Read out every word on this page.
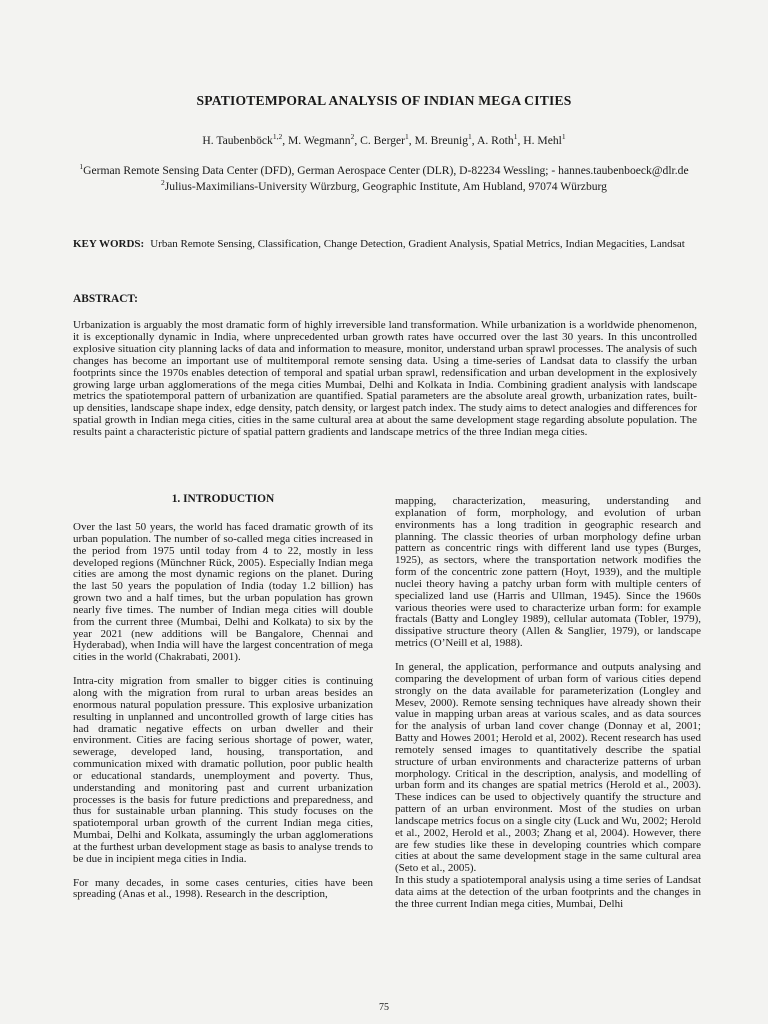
SPATIOTEMPORAL ANALYSIS OF INDIAN MEGA CITIES
H. Taubenböck$^{1,2}$, M. Wegmann$^2$, C. Berger$^1$, M. Breunig$^1$, A. Roth$^1$, H. Mehl$^1$
$^1$German Remote Sensing Data Center (DFD), German Aerospace Center (DLR), D-82234 Wessling; - hannes.taubenboeck@dlr.de
$^2$Julius-Maximilians-University Würzburg, Geographic Institute, Am Hubland, 97074 Würzburg
KEY WORDS: Urban Remote Sensing, Classification, Change Detection, Gradient Analysis, Spatial Metrics, Indian Megacities, Landsat
ABSTRACT:
Urbanization is arguably the most dramatic form of highly irreversible land transformation. While urbanization is a worldwide phenomenon, it is exceptionally dynamic in India, where unprecedented urban growth rates have occurred over the last 30 years. In this uncontrolled explosive situation city planning lacks of data and information to measure, monitor, understand urban sprawl processes. The analysis of such changes has become an important use of multitemporal remote sensing data. Using a time-series of Landsat data to classify the urban footprints since the 1970s enables detection of temporal and spatial urban sprawl, redensification and urban development in the explosively growing large urban agglomerations of the mega cities Mumbai, Delhi and Kolkata in India. Combining gradient analysis with landscape metrics the spatiotemporal pattern of urbanization are quantified. Spatial parameters are the absolute areal growth, urbanization rates, built-up densities, landscape shape index, edge density, patch density, or largest patch index. The study aims to detect analogies and differences for spatial growth in Indian mega cities, cities in the same cultural area at about the same development stage regarding absolute population. The results paint a characteristic picture of spatial pattern gradients and landscape metrics of the three Indian mega cities.
1. INTRODUCTION

Over the last 50 years, the world has faced dramatic growth of its urban population. The number of so-called mega cities increased in the period from 1975 until today from 4 to 22, mostly in less developed regions (Münchner Rück, 2005). Especially Indian mega cities are among the most dynamic regions on the planet. During the last 50 years the population of India (today 1.2 billion) has grown two and a half times, but the urban population has grown nearly five times. The number of Indian mega cities will double from the current three (Mumbai, Delhi and Kolkata) to six by the year 2021 (new additions will be Bangalore, Chennai and Hyderabad), when India will have the largest concentration of mega cities in the world (Chakrabati, 2001).

Intra-city migration from smaller to bigger cities is continuing along with the migration from rural to urban areas besides an enormous natural population pressure. This explosive urbanization resulting in unplanned and uncontrolled growth of large cities has had dramatic negative effects on urban dweller and their environment. Cities are facing serious shortage of power, water, sewerage, developed land, housing, transportation, and communication mixed with dramatic pollution, poor public health or educational standards, unemployment and poverty. Thus, understanding and monitoring past and current urbanization processes is the basis for future predictions and preparedness, and thus for sustainable urban planning. This study focuses on the spatiotemporal urban growth of the current Indian mega cities, Mumbai, Delhi and Kolkata, assumingly the urban agglomerations at the furthest urban development stage as basis to analyse trends to be due in incipient mega cities in India.

For many decades, in some cases centuries, cities have been spreading (Anas et al., 1998). Research in the description,

mapping, characterization, measuring, understanding and explanation of form, morphology, and evolution of urban environments has a long tradition in geographic research and planning. The classic theories of urban morphology define urban pattern as concentric rings with different land use types (Burges, 1925), as sectors, where the transportation network modifies the form of the concentric zone pattern (Hoyt, 1939), and the multiple nuclei theory having a patchy urban form with multiple centers of specialized land use (Harris and Ullman, 1945). Since the 1960s various theories were used to characterize urban form: for example fractals (Batty and Longley 1989), cellular automata (Tobler, 1979), dissipative structure theory (Allen & Sanglier, 1979), or landscape metrics (O’Neill et al, 1988).

In general, the application, performance and outputs analysing and comparing the development of urban form of various cities depend strongly on the data available for parameterization (Longley and Mesev, 2000). Remote sensing techniques have already shown their value in mapping urban areas at various scales, and as data sources for the analysis of urban land cover change (Donnay et al, 2001; Batty and Howes 2001; Herold et al, 2002). Recent research has used remotely sensed images to quantitatively describe the spatial structure of urban environments and characterize patterns of urban morphology. Critical in the description, analysis, and modelling of urban form and its changes are spatial metrics (Herold et al., 2003). These indices can be used to objectively quantify the structure and pattern of an urban environment. Most of the studies on urban landscape metrics focus on a single city (Luck and Wu, 2002; Herold et al., 2002, Herold et al., 2003; Zhang et al, 2004). However, there are few studies like these in developing countries which compare cities at about the same development stage in the same cultural area (Seto et al., 2005).

In this study a spatiotemporal analysis using a time series of Landsat data aims at the detection of the urban footprints and the changes in the three current Indian mega cities, Mumbai, Delhi

75
